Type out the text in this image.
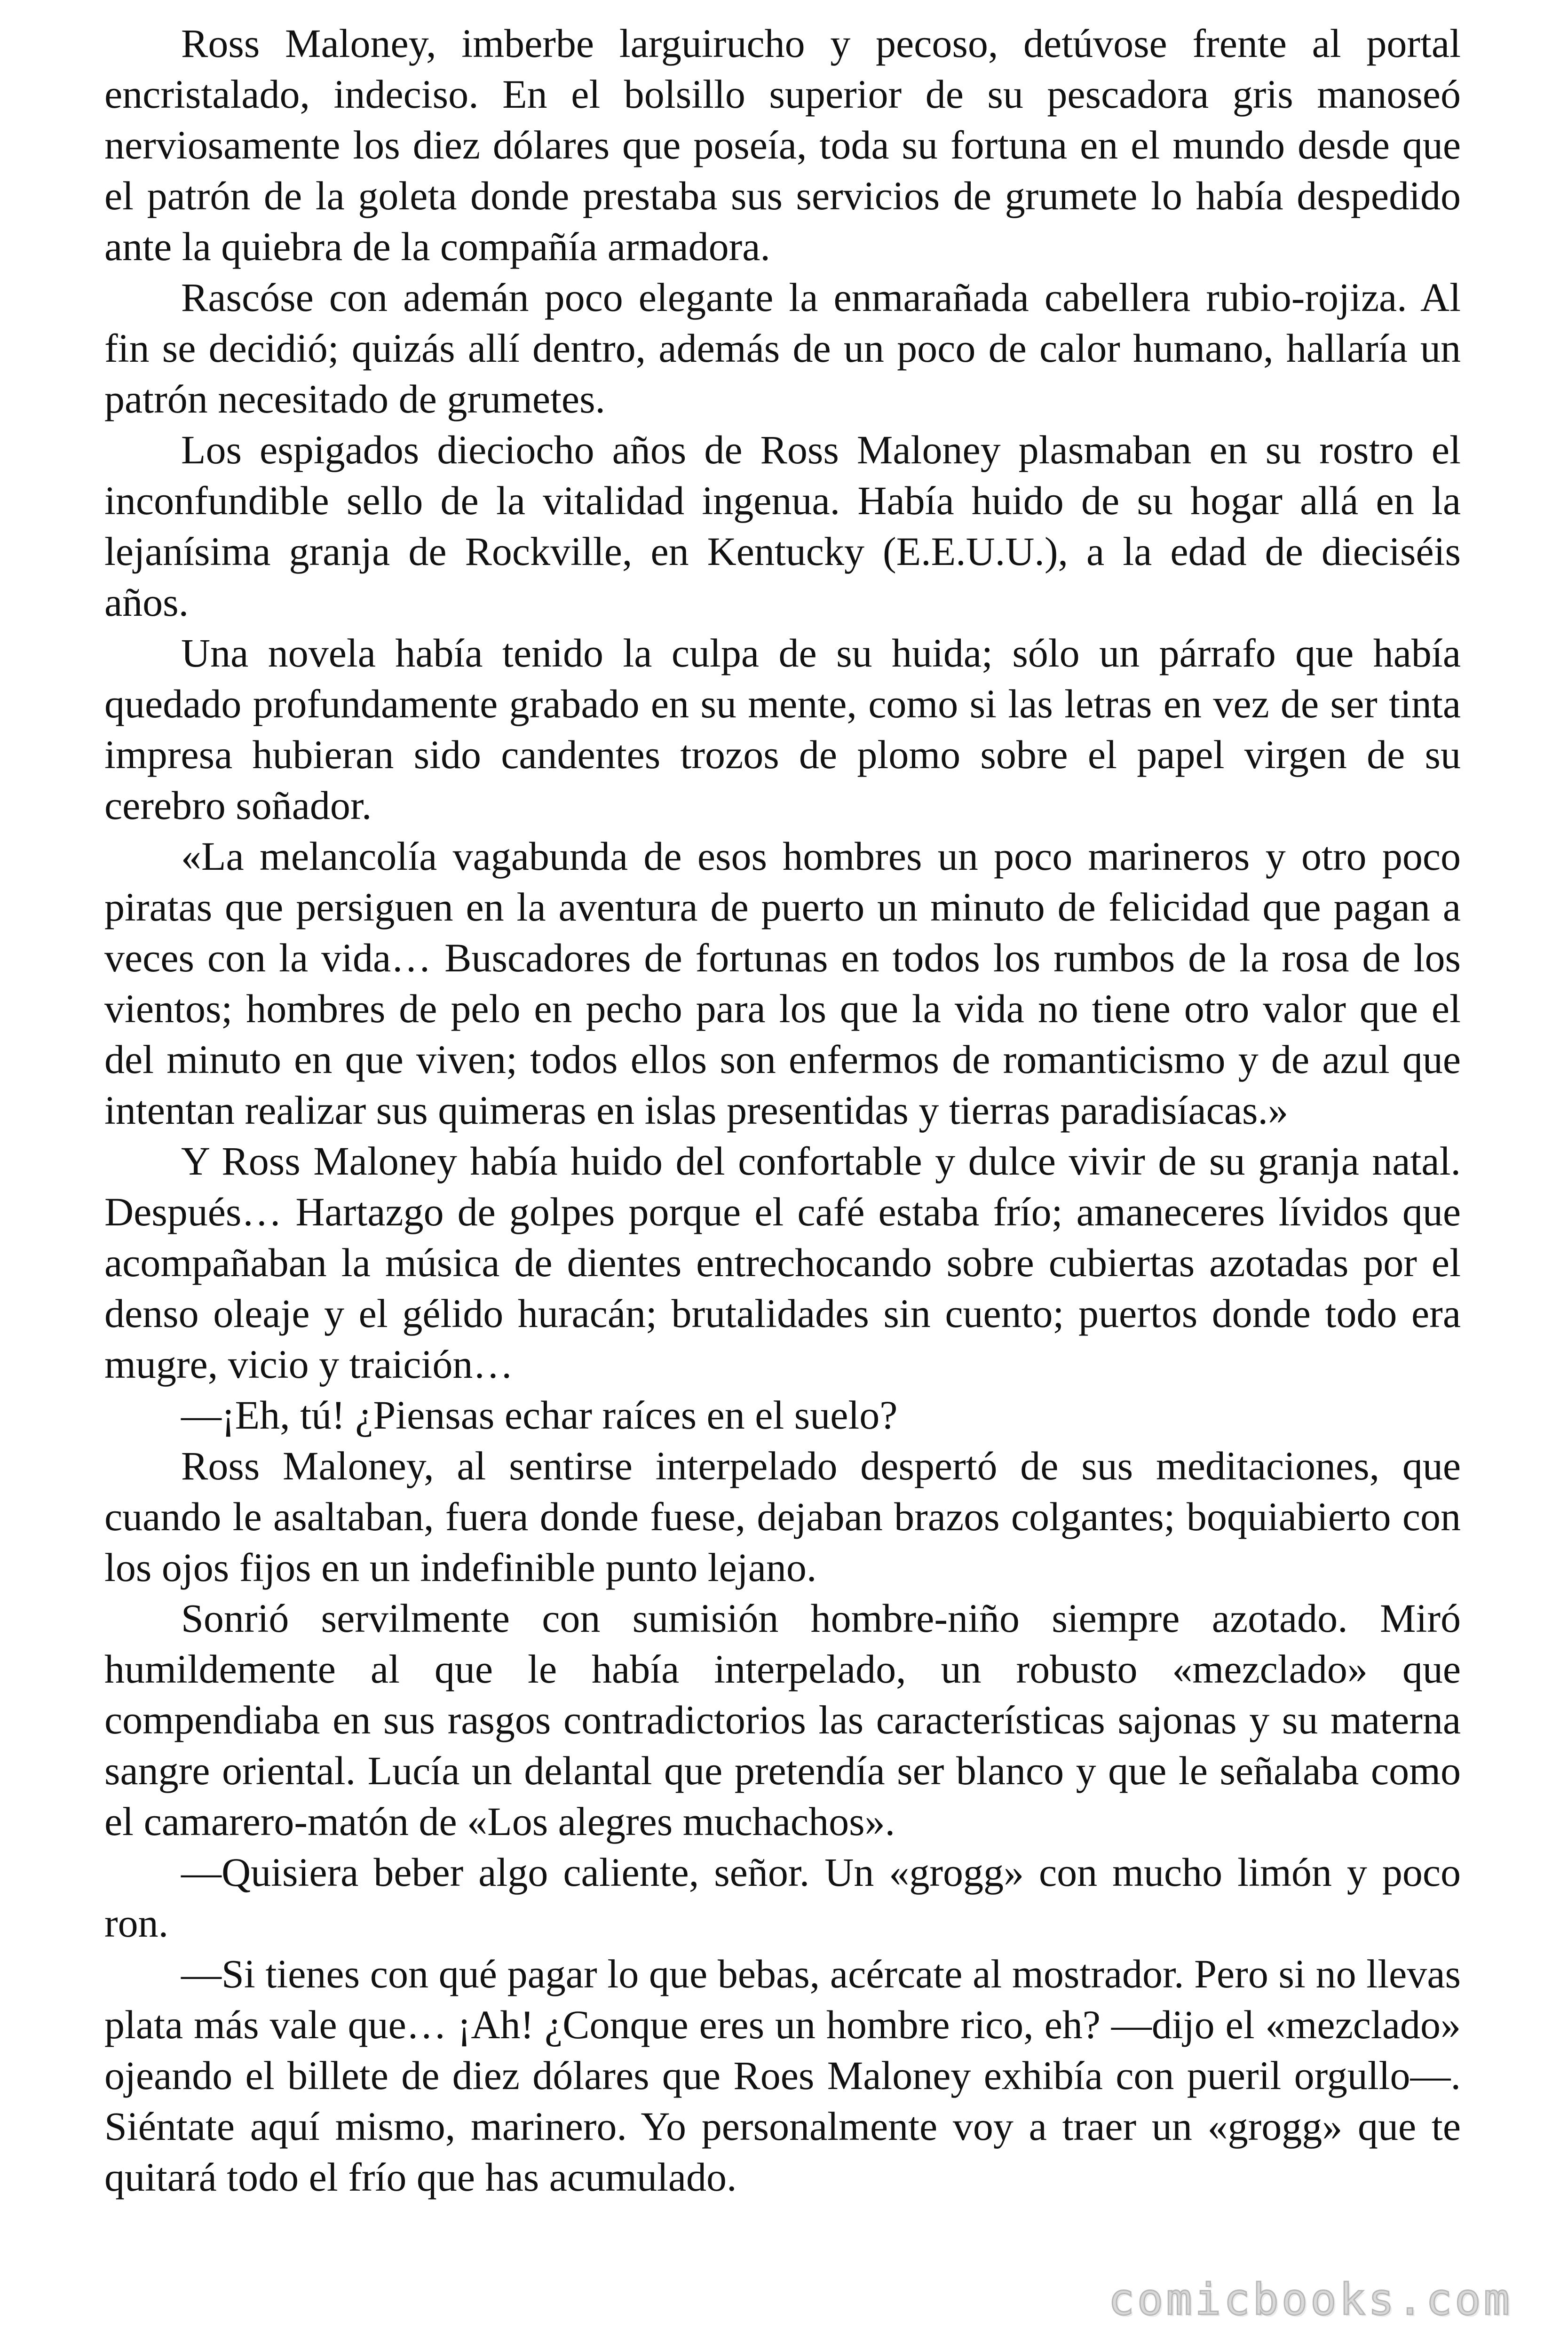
Ross Maloney, imberbe larguirucho y pecoso, detúvose frente al portal encristalado, indeciso. En el bolsillo superior de su pescadora gris manoseó nerviosamente los diez dólares que poseía, toda su fortuna en el mundo desde que el patrón de la goleta donde prestaba sus servicios de grumete lo había despedido ante la quiebra de la compañía armadora.

Rascóse con ademán poco elegante la enmarañada cabellera rubio-rojiza. Al fin se decidió; quizás allí dentro, además de un poco de calor humano, hallaría un patrón necesitado de grumetes.

Los espigados dieciocho años de Ross Maloney plasmaban en su rostro el inconfundible sello de la vitalidad ingenua. Había huido de su hogar allá en la lejanísima granja de Rockville, en Kentucky (E.E.U.U.), a la edad de dieciséis años.

Una novela había tenido la culpa de su huida; sólo un párrafo que había quedado profundamente grabado en su mente, como si las letras en vez de ser tinta impresa hubieran sido candentes trozos de plomo sobre el papel virgen de su cerebro soñador.

«La melancolía vagabunda de esos hombres un poco marineros y otro poco piratas que persiguen en la aventura de puerto un minuto de felicidad que pagan a veces con la vida… Buscadores de fortunas en todos los rumbos de la rosa de los vientos; hombres de pelo en pecho para los que la vida no tiene otro valor que el del minuto en que viven; todos ellos son enfermos de romanticismo y de azul que intentan realizar sus quimeras en islas presentidas y tierras paradisíacas.»

Y Ross Maloney había huido del confortable y dulce vivir de su granja natal. Después… Hartazgo de golpes porque el café estaba frío; amaneceres lívidos que acompañaban la música de dientes entrechocando sobre cubiertas azotadas por el denso oleaje y el gélido huracán; brutalidades sin cuento; puertos donde todo era mugre, vicio y traición…

—¡Eh, tú! ¿Piensas echar raíces en el suelo?

Ross Maloney, al sentirse interpelado despertó de sus meditaciones, que cuando le asaltaban, fuera donde fuese, dejaban brazos colgantes; boquiabierto con los ojos fijos en un indefinible punto lejano.

Sonrió servilmente con sumisión hombre-niño siempre azotado. Miró humildemente al que le había interpelado, un robusto «mezclado» que compendiaba en sus rasgos contradictorios las características sajonas y su materna sangre oriental. Lucía un delantal que pretendía ser blanco y que le señalaba como el camarero-matón de «Los alegres muchachos».

—Quisiera beber algo caliente, señor. Un «grogg» con mucho limón y poco ron.

—Si tienes con qué pagar lo que bebas, acércate al mostrador. Pero si no llevas plata más vale que… ¡Ah! ¿Conque eres un hombre rico, eh? —dijo el «mezclado» ojeando el billete de diez dólares que Roes Maloney exhibía con pueril orgullo—. Siéntate aquí mismo, marinero. Yo personalmente voy a traer un «grogg» que te quitará todo el frío que has acumulado.

comicbooks.com
